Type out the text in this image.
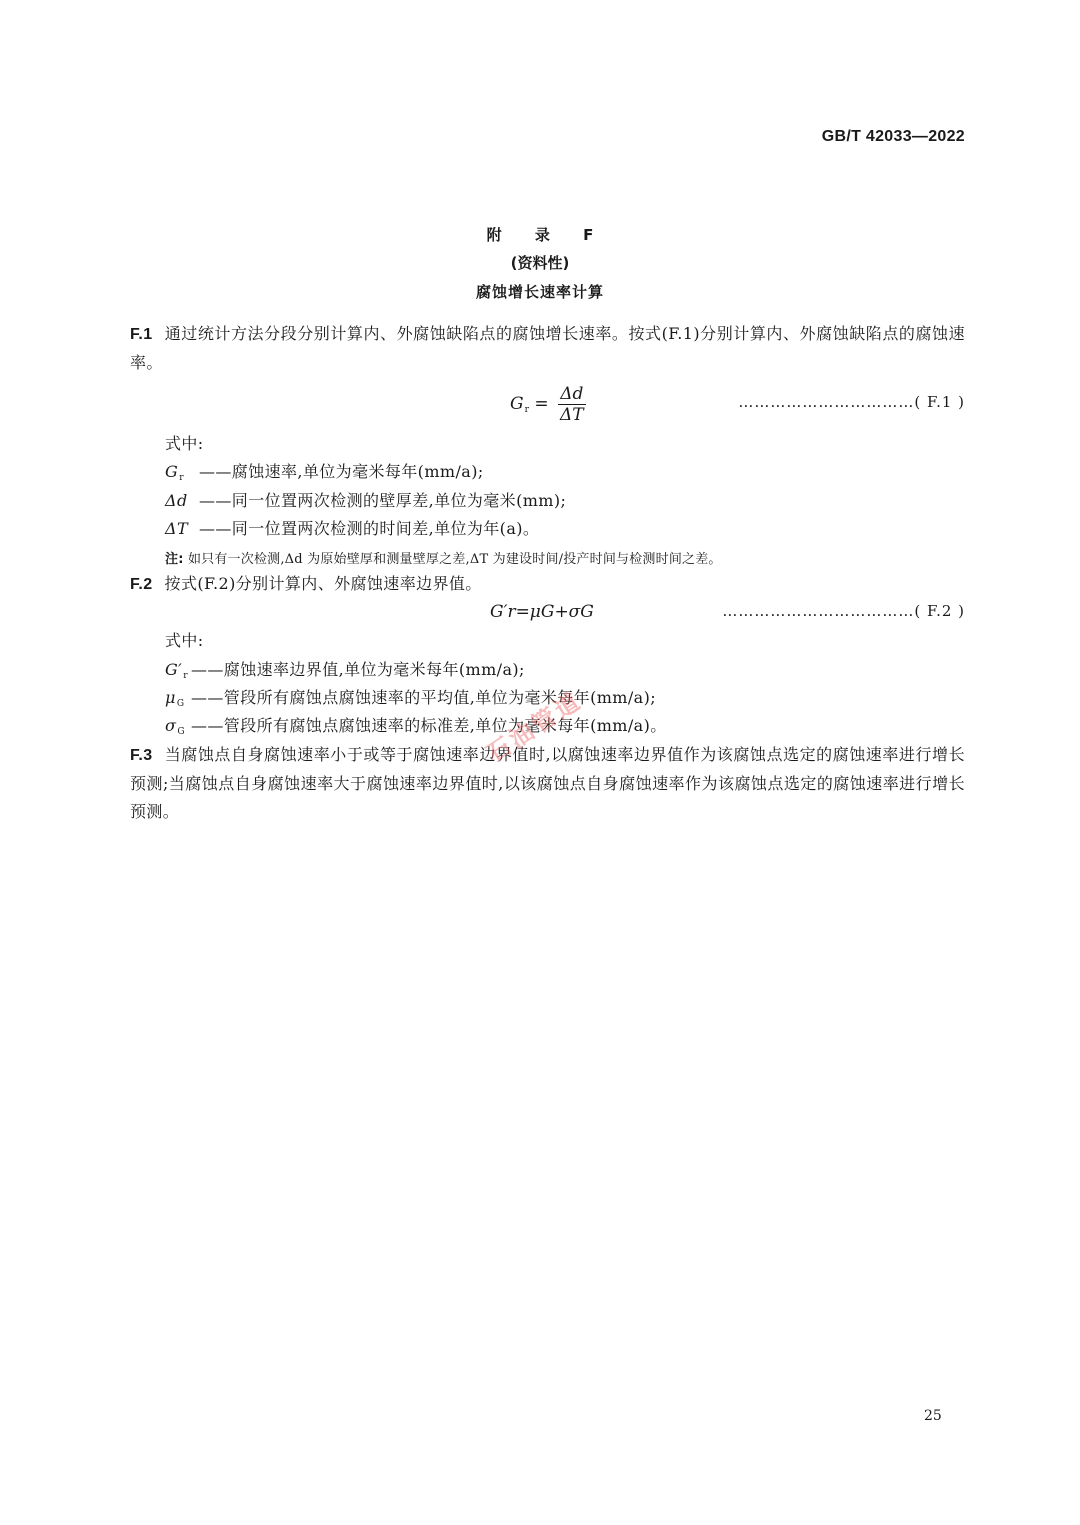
GB/T 42033—2022
附 录 F
(资料性)
腐蚀增长速率计算
F.1 通过统计方法分段分别计算内、外腐蚀缺陷点的腐蚀增长速率。按式(F.1)分别计算内、外腐蚀缺陷点的腐蚀速率。
$G_r = \frac{\Delta d}{\Delta T}$	……………………………( F.1 )
式中:
$G_r$ ——腐蚀速率,单位为毫米每年(mm/a);
Δd ——同一位置两次检测的壁厚差,单位为毫米(mm);
ΔT ——同一位置两次检测的时间差,单位为年(a)。
注: 如只有一次检测,Δd 为原始壁厚和测量壁厚之差,ΔT 为建设时间/投产时间与检测时间之差。
F.2 按式(F.2)分别计算内、外腐蚀速率边界值。
G′r=μG+σG	………………………………( F.2 )
式中:
$G'_r$ ——腐蚀速率边界值,单位为毫米每年(mm/a);
$\mu_G$ ——管段所有腐蚀点腐蚀速率的平均值,单位为毫米每年(mm/a);
$\sigma_G$ ——管段所有腐蚀点腐蚀速率的标准差,单位为毫米每年(mm/a)。
F.3 当腐蚀点自身腐蚀速率小于或等于腐蚀速率边界值时,以腐蚀速率边界值作为该腐蚀点选定的腐蚀速率进行增长预测;当腐蚀点自身腐蚀速率大于腐蚀速率边界值时,以该腐蚀点自身腐蚀速率作为该腐蚀点选定的腐蚀速率进行增长预测。
石油管道
25
